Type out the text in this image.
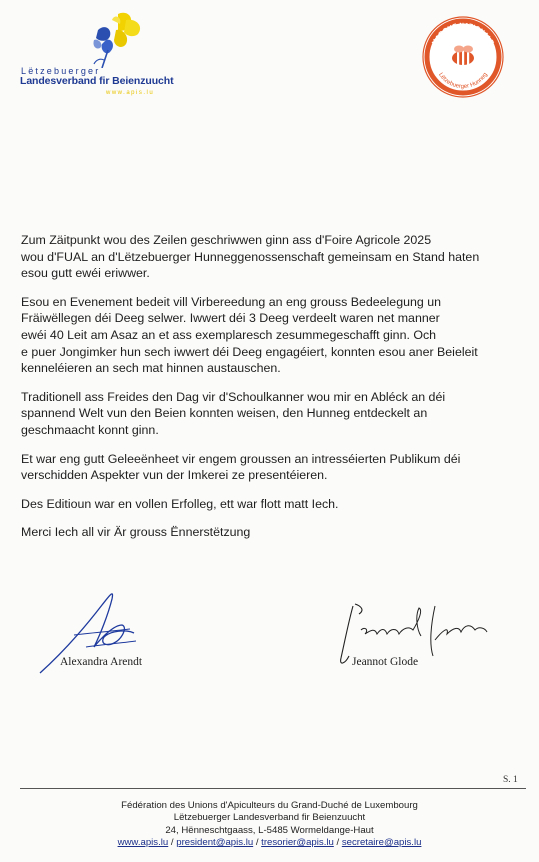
Lëtzebuerger
Landesverband fir Beienzuucht
www.apis.lu
MARQUE NATIONALE
Lëtzebuerger Hunneg

Zum Zäitpunkt wou des Zeilen geschriwwen ginn ass d'Foire Agricole 2025
wou d'FUAL an d'Lëtzebuerger Hunneggenossenschaft gemeinsam en Stand haten
esou gutt ewéi eriwwer.

Esou en Evenement bedeit vill Virbereedung an eng grouss Bedeelegung un
Fräiwëllegen déi Deeg selwer. Iwwert déi 3 Deeg verdeelt waren net manner
ewéi 40 Leit am Asaz an et ass exemplaresch zesummegeschafft ginn. Och
e puer Jongimker hun sech iwwert déi Deeg engagéiert, konnten esou aner Beieleit
kenneléieren an sech mat hinnen austauschen.

Traditionell ass Freides den Dag vir d'Schoulkanner wou mir en Abléck an déi
spannend Welt vun den Beien konnten weisen, den Hunneg entdeckelt an
geschmaacht konnt ginn.

Et war eng gutt Geleeënheet vir engem groussen an intresséierten Publikum déi
verschidden Aspekter vun der Imkerei ze presentéieren.

Des Editioun war en vollen Erfolleg, ett war flott matt Iech.

Merci Iech all vir Är grouss Ënnerstëtzung

Alexandra Arendt	Jeannot Glode
S. 1
Fédération des Unions d'Apiculteurs du Grand-Duché de Luxembourg
Lëtzebuerger Landesverband fir Beienzuucht
24, Hënneschtgaass, L-5485 Wormeldange-Haut
www.apis.lu / president@apis.lu / tresorier@apis.lu / secretaire@apis.lu
